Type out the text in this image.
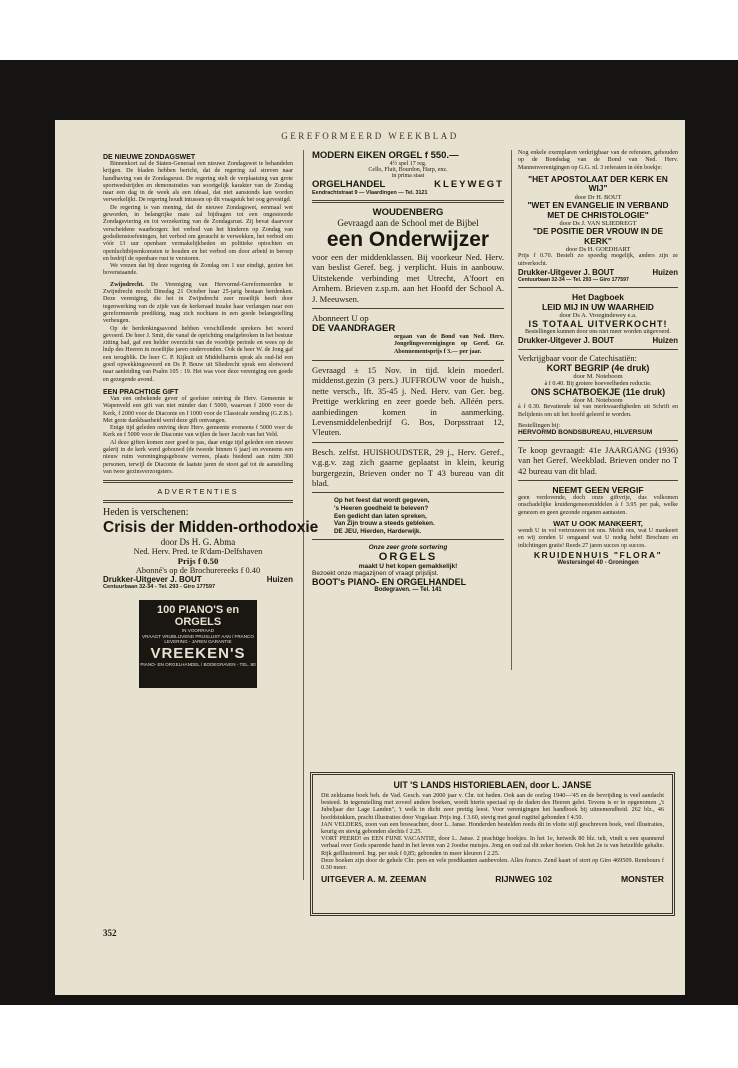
GEREFORMEERD WEEKBLAD
DE NIEUWE ZONDAGSWET

Binnenkort zal de Staten-Generaal een nieuwe Zondagswet te behandelen krijgen. De bladen hebben bericht, dat de regering zal streven naar handhaving van de Zondagsrust. De regering stelt de verplaatsing van grote sportwedstrijden en demonstraties van soortgelijk karakter van de Zondag naar een dag in de week als een ideaal, dat niet aanstonds kan worden verwerkelijkt. De regering houdt intussen op dit vraagstuk het oog gevestigd.

De regering is van mening, dat de nieuwe Zondagswet, eenmaal wet geworden, in belangrijke mate zal bijdragen tot een ongestoorde Zondagsviering en tot verzekering van de Zondagsrust. Zij bevat daarvoor verscheidene waarborgen: het verbod van het hinderen op Zondag van godsdienstoefeningen, het verbod om geraucht te verwekken, het verbod om vóór 13 uur openbare vermakelijkheden en politieke optochten en openluchtbijeenkomsten te houden en het verbod om door arbeid in beroep en bedrijf de openbare rust te verstoren.

We vrezen dat bij deze regering de Zondag om 1 uur eindigt, gezien het bovenstaande.

Zwijndrecht. De Vereniging van Hervormd-Gereformeerden te Zwijndrecht mocht Dinsdag 21 October haar 25-jarig bestaan herdenken. Deze vereniging, die het in Zwijndrecht zeer moeilijk heeft door tegenwerking van de zijde van de kerkeraad inzake haar verlangen naar een gereformeerde prediking, mag zich nochtans in een goede belangstelling verheugen.

Op de herdenkingsavond hebben verschillende sprekers het woord gevoerd. De heer J. Smit, die vanaf de oprichting onafgebroken in het bestuur zitting had, gaf een helder overzicht van de voorbije periode en wees op de hulp des Heeren in moeilijke jaren ondervonden. Ook de heer W. de Jong gaf een terugblik. De heer C. P. Kijkuit uit Middelharnis sprak als oud-lid een goed opwekkingswoord en Ds P. Bouw uit Sliedrecht sprak een slotwoord naar aanleiding van Psalm 105 : 19. Het was voor deze vereniging een goede en gezegende avond.

EEN PRACHTIGE GIFT

Van een onbekende gever of geefster ontving de Herv. Gemeente te Wapenveld een gift van niet minder dan f 5000, waarvan f 2000 voor de Kerk, f 2000 voor de Diaconie en f 1000 voor de Classicale zending (G.Z.B.). Met grote dankbaarheid werd deze gift ontvangen.

Enige tijd geleden ontving deze Herv. gemeente eveneens f 5000 voor de Kerk en f 5000 voor de Diaconie van wijlen de heer Jacob van het Veld.

Al deze giften komen zeer goed te pas, daar enige tijd geleden een nieuwe galerij in de kerk werd gebouwd (de tweede binnen 6 jaar) en eveneens een nieuw ruim vereningingsgebouw verrees, plaats biedend aan ruim 300 personen, terwijl de Diaconie de laatste jaren de stoot gaf tot de aanstelling van twee gezinsverzorgsters.

ADVERTENTIES
Heden is verschenen:
Crisis der Midden-orthodoxie
door Ds H. G. Abma
Ned. Herv. Pred. te R'dam-Delfshaven
Prijs f 0.50
Abonné's op de Brochurereeks f 0.40
Drukker-Uitgever J. BOUT	Huizen
Centuurbaan 32-34 - Tel. 293 - Giro 177597
100 PIANO'S en ORGELS
IN VOORRAAD
VRAAGT VRIJBLIJVEND PRIJSLIJST AAN / FRANCO LEVERING - JAREN GARANTIE
VREEKEN'S
PIANO- EN ORGELHANDEL / BODEGRAVEN - TEL. 80
MODERN EIKEN ORGEL f 550.—
4½ spel 17 reg.
Cello, Fluit, Bourdon, Harp, enz.
in prima staat
ORGELHANDEL	KLEYWEGT
Eendrachtstraat 9 — Vlaardingen — Tel. 3121
WOUDENBERG
Gevraagd aan de School met de Bijbel
een Onderwijzer

voor een der middenklassen. Bij voorkeur Ned. Herv. van beslist Geref. beg. j verplicht. Huis in aanbouw. Uitstekende verbinding met Utrecht, A'foort en Arnhem. Brieven z.sp.m. aan het Hoofd der School A. J. Meeuwsen.

Abonneert U op
DE VAANDRAGER

orgaan van de Bond van Ned. Herv. Jongelingsverenigingen op Geref. Gr. Abonnementsprijs f 3.— per jaar.

Gevraagd ± 15 Nov. in tijd. klein moederl. middenst.gezin (3 pers.) JUFFROUW voor de huish., nette versch., lft. 35-45 j. Ned. Herv. van Ger. beg. Prettige werkkring en zeer goede beh. Alléén pers. aanbiedingen komen in aanmerking. Levensmiddelenbedrijf G. Bos, Dorpsstraat 12, Vleuten.

Besch. zelfst. HUISHOUDSTER, 29 j., Herv. Geref., v.g.g.v. zag zich gaarne geplaatst in klein, keurig burgergezin, Brieven onder no T 43 bureau van dit blad.

Op het feest dat wordt gegeven,
's Heeren goedheid te beleven?
Een gedicht dan laten spreken,
Van Zijn trouw a steeds gebleken.
DE JEU, Hierden, Harderwijk.
Onze zeer grote sortering
ORGELS
maakt U het kopen gemakkelijk!
Bezoekt onze magazijnen of vraagt prijslijst.
BOOT's PIANO- EN ORGELHANDEL
Bodegraven. — Tel. 141

Nog enkele exemplaren verkrijgbaar van de referaten, gehouden op de Bondsdag van de Bond van Ned. Herv. Mannenverenigingen op G.G. nl. 3 referaten in één boekje:

"HET APOSTOLAAT DER KERK EN WIJ"
door Dr H. BOUT
"WET EN EVANGELIE IN VERBAND MET DE CHRISTOLOGIE"
door Ds J. VAN SLIEDREGT
"DE POSITIE DER VROUW IN DE KERK"
door Ds H. GOEDHART

Prijs f 0.70. Bestelt zo spoedig mogelijk, anders zijn ze uitverkocht.

Drukker-Uitgever J. BOUT	Huizen
Centuurbaan 32-34 — Tel. 293 — Giro 177597
Het Dagboek
LEID MIJ IN UW WAARHEID
door Ds A. Vroegindewey e.a.
IS TOTAAL UITVERKOCHT!

Bestellingen kunnen door ons niet meer worden uitgevoerd.

Drukker-Uitgever J. BOUT	Huizen
Verkrijgbaar voor de Catechisatiën:
KORT BEGRIP (4e druk)
door M. Noteboom
à f 0.40. Bij grotere hoeveelheden reductie.
ONS SCHATBOEKJE (11e druk)
door M. Noteboom

à f 0.30. Bevattende tal van merkwaardigheden uit Schrift en Belijdenis om uit het hoofd geleerd te worden.

Bestellingen bij:
HERVORMD BONDSBUREAU, HILVERSUM

Te koop gevraagd: 41e JAARGANG (1936) van het Geref. Weekblad. Brieven onder no T 42 bureau van dit blad.

NEEMT GEEN VERGIF

geen verdovende, doch onze giftvrije, dus volkomen onschadelijke kruidengeneesmiddelen à f 3.95 per pak, welke genezen en geen gezonde organen aantasten.

WAT U OOK MANKEERT,

wendt U in vol vertrouwen tot ons. Meldt ons, wat U mankeert en wij zenden U omgaand wat U nodig hebt! Brochure en inlichtingen gratis! Reeds 27 jaren succes op succes.

KRUIDENHUIS "FLORA"
Westersingel 40 - Groningen
UIT 'S LANDS HISTORIEBLAEN, door L. JANSE

Dit zeldzame boek beh. de Vad. Gesch. van 2000 jaar v. Chr. tot heden. Ook aan de oorlog 1940—'45 en de bevrijding is veel aandacht besteed. In tegenstelling met zoveel andere boeken, wordt hierin speciaal op de daden des Heeren gelet. Tevens is er in opgenomen „'t Jubeljaar der Lage Landen", 't welk in dicht zeer prettig leest. Voor verenigingen het handboek bij uitnemendheid. 262 blz., 46 hoofdstukken, pracht illustraties door Vogelaar. Prijs ing. f 3.60, stevig met goud rugtitel gebonden f 4.50.

JAN VELDERS, zoon van een boswachter, door L. Janse. Honderden bestelden reeds dit in vlotte stijl geschreven boek, veel illustraties, keurig en stevig gebonden slechts f 2.25.

VORT PEERD! en EEN FIJNE VACANTIE, door L. Janse. 2 prachtige boekjes. In het 1e, hetwelk 80 blz. telt, vindt u een spannend verhaal over Gods sparende hand in het leven van 2 Joodse meisjes. Jong en oud zal dit zeker boeien. Ook het 2e is van hetzelfde gehalte. Rijk geïllustreerd. Ing. per stuk f 0,85; gebonden in meer kleuren f 2.25.

Deze boeken zijn door de gehele Chr. pers en vele predikanten aanbevolen. Alles franco. Zend kaart of stort op Giro 469509. Rembours f 0.30 meer.

UITGEVER A. M. ZEEMAN	RIJNWEG 102	MONSTER
352
